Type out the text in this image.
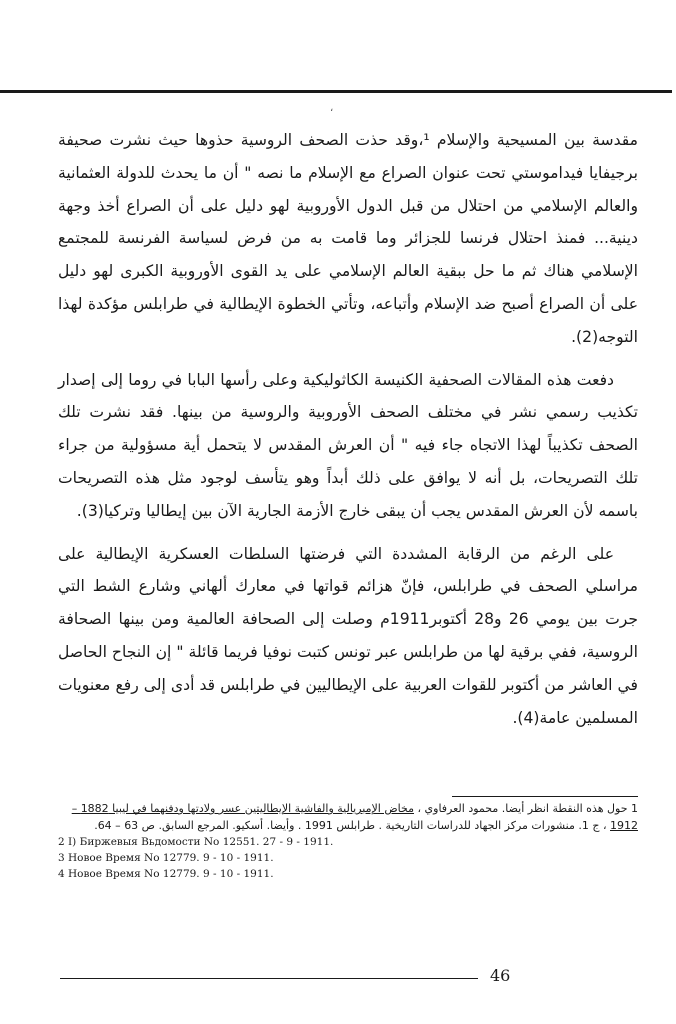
،

مقدسة بين المسيحية والإسلام ¹،وقد حذت الصحف الروسية حذوها حيث نشرت صحيفة برجيفايا فيداموستي تحت عنوان الصراع مع الإسلام ما نصه " أن ما يحدث للدولة العثمانية والعالم الإسلامي من احتلال من قبل الدول الأوروبية لهو دليل على أن الصراع أخذ وجهة دينية... فمنذ احتلال فرنسا للجزائر وما قامت به من فرض لسياسة الفرنسة للمجتمع الإسلامي هناك ثم ما حل ببقية العالم الإسلامي على يد القوى الأوروبية الكبرى لهو دليل على أن الصراع أصبح ضد الإسلام وأتباعه، وتأتي الخطوة الإيطالية في طرابلس مؤكدة لهذا التوجه(2).

دفعت هذه المقالات الصحفية الكنيسة الكاثوليكية وعلى رأسها البابا في روما إلى إصدار تكذيب رسمي نشر في مختلف الصحف الأوروبية والروسية من بينها. فقد نشرت تلك الصحف تكذيباً لهذا الاتجاه جاء فيه " أن العرش المقدس لا يتحمل أية مسؤولية من جراء تلك التصريحات، بل أنه لا يوافق على ذلك أبداً وهو يتأسف لوجود مثل هذه التصريحات باسمه لأن العرش المقدس يجب أن يبقى خارج الأزمة الجارية الآن بين إيطاليا وتركيا(3).

على الرغم من الرقابة المشددة التي فرضتها السلطات العسكرية الإيطالية على مراسلي الصحف في طرابلس، فإنّ هزائم قواتها في معارك ألهاني وشارع الشط التي جرت بين يومي 26 و28 أكتوبر1911م وصلت إلى الصحافة العالمية ومن بينها الصحافة الروسية، ففي برقية لها من طرابلس عبر تونس كتبت نوفيا فريما قائلة " إن النجاح الحاصل في العاشر من أكتوبر للقوات العربية على الإيطاليين في طرابلس قد أدى إلى رفع معنويات المسلمين عامة(4).

1 حول هذه النقطة انظر أيضا. محمود العرفاوي ، مخاض الإمبريالية والفاشية الإيطاليتين عسر ولادتها ودفنهما في ليبيا 1882 – 1912 ، ج 1. منشورات مركز الجهاد للدراسات التاريخية . طرابلس 1991 . وأيضا. أسكيو. المرجع السابق. ص 63 – 64.
2 I) Биржевыя Вьдомости No 12551. 27 - 9 - 1911.
3 Новое Время No 12779. 9 - 10 - 1911.
4 Новое Время No 12779. 9 - 10 - 1911.
46
